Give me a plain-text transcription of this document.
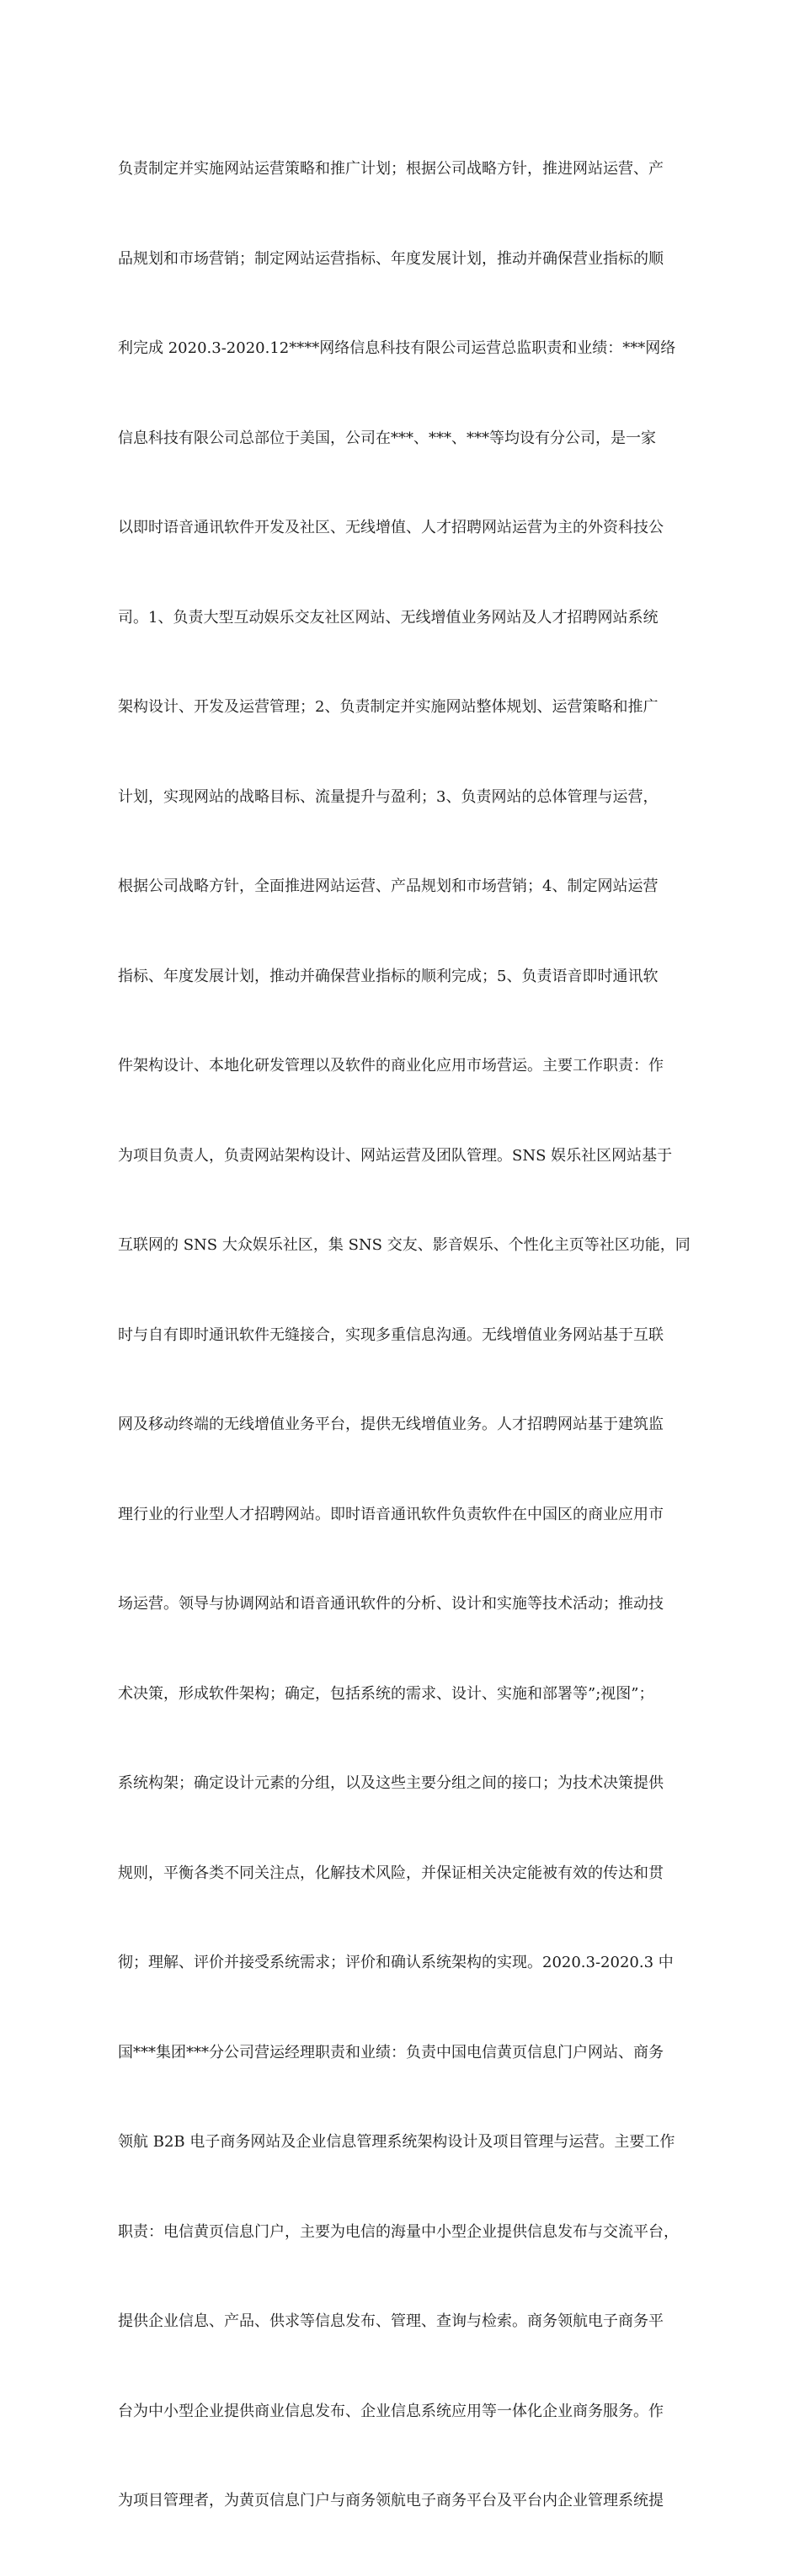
负责制定并实施网站运营策略和推广计划；根据公司战略方针，推进网站运营、产

品规划和市场营销；制定网站运营指标、年度发展计划，推动并确保营业指标的顺

利完成 2020.3-2020.12****网络信息科技有限公司运营总监职责和业绩：***网络

信息科技有限公司总部位于美国，公司在***、***、***等均设有分公司，是一家

以即时语音通讯软件开发及社区、无线增值、人才招聘网站运营为主的外资科技公

司。1、负责大型互动娱乐交友社区网站、无线增值业务网站及人才招聘网站系统

架构设计、开发及运营管理；2、负责制定并实施网站整体规划、运营策略和推广

计划，实现网站的战略目标、流量提升与盈利；3、负责网站的总体管理与运营，

根据公司战略方针，全面推进网站运营、产品规划和市场营销；4、制定网站运营

指标、年度发展计划，推动并确保营业指标的顺利完成；5、负责语音即时通讯软

件架构设计、本地化研发管理以及软件的商业化应用市场营运。主要工作职责：作

为项目负责人，负责网站架构设计、网站运营及团队管理。SNS 娱乐社区网站基于

互联网的 SNS 大众娱乐社区，集 SNS 交友、影音娱乐、个性化主页等社区功能，同

时与自有即时通讯软件无缝接合，实现多重信息沟通。无线增值业务网站基于互联

网及移动终端的无线增值业务平台，提供无线增值业务。人才招聘网站基于建筑监

理行业的行业型人才招聘网站。即时语音通讯软件负责软件在中国区的商业应用市

场运营。领导与协调网站和语音通讯软件的分析、设计和实施等技术活动；推动技

术决策，形成软件架构；确定，包括系统的需求、设计、实施和部署等”;视图”；

系统构架；确定设计元素的分组，以及这些主要分组之间的接口；为技术决策提供

规则，平衡各类不同关注点，化解技术风险，并保证相关决定能被有效的传达和贯

彻；理解、评价并接受系统需求；评价和确认系统架构的实现。2020.3-2020.3 中

国***集团***分公司营运经理职责和业绩：负责中国电信黄页信息门户网站、商务

领航 B2B 电子商务网站及企业信息管理系统架构设计及项目管理与运营。主要工作

职责：电信黄页信息门户，主要为电信的海量中小型企业提供信息发布与交流平台，

提供企业信息、产品、供求等信息发布、管理、查询与检索。商务领航电子商务平

台为中小型企业提供商业信息发布、企业信息系统应用等一体化企业商务服务。作

为项目管理者，为黄页信息门户与商务领航电子商务平台及平台内企业管理系统提
